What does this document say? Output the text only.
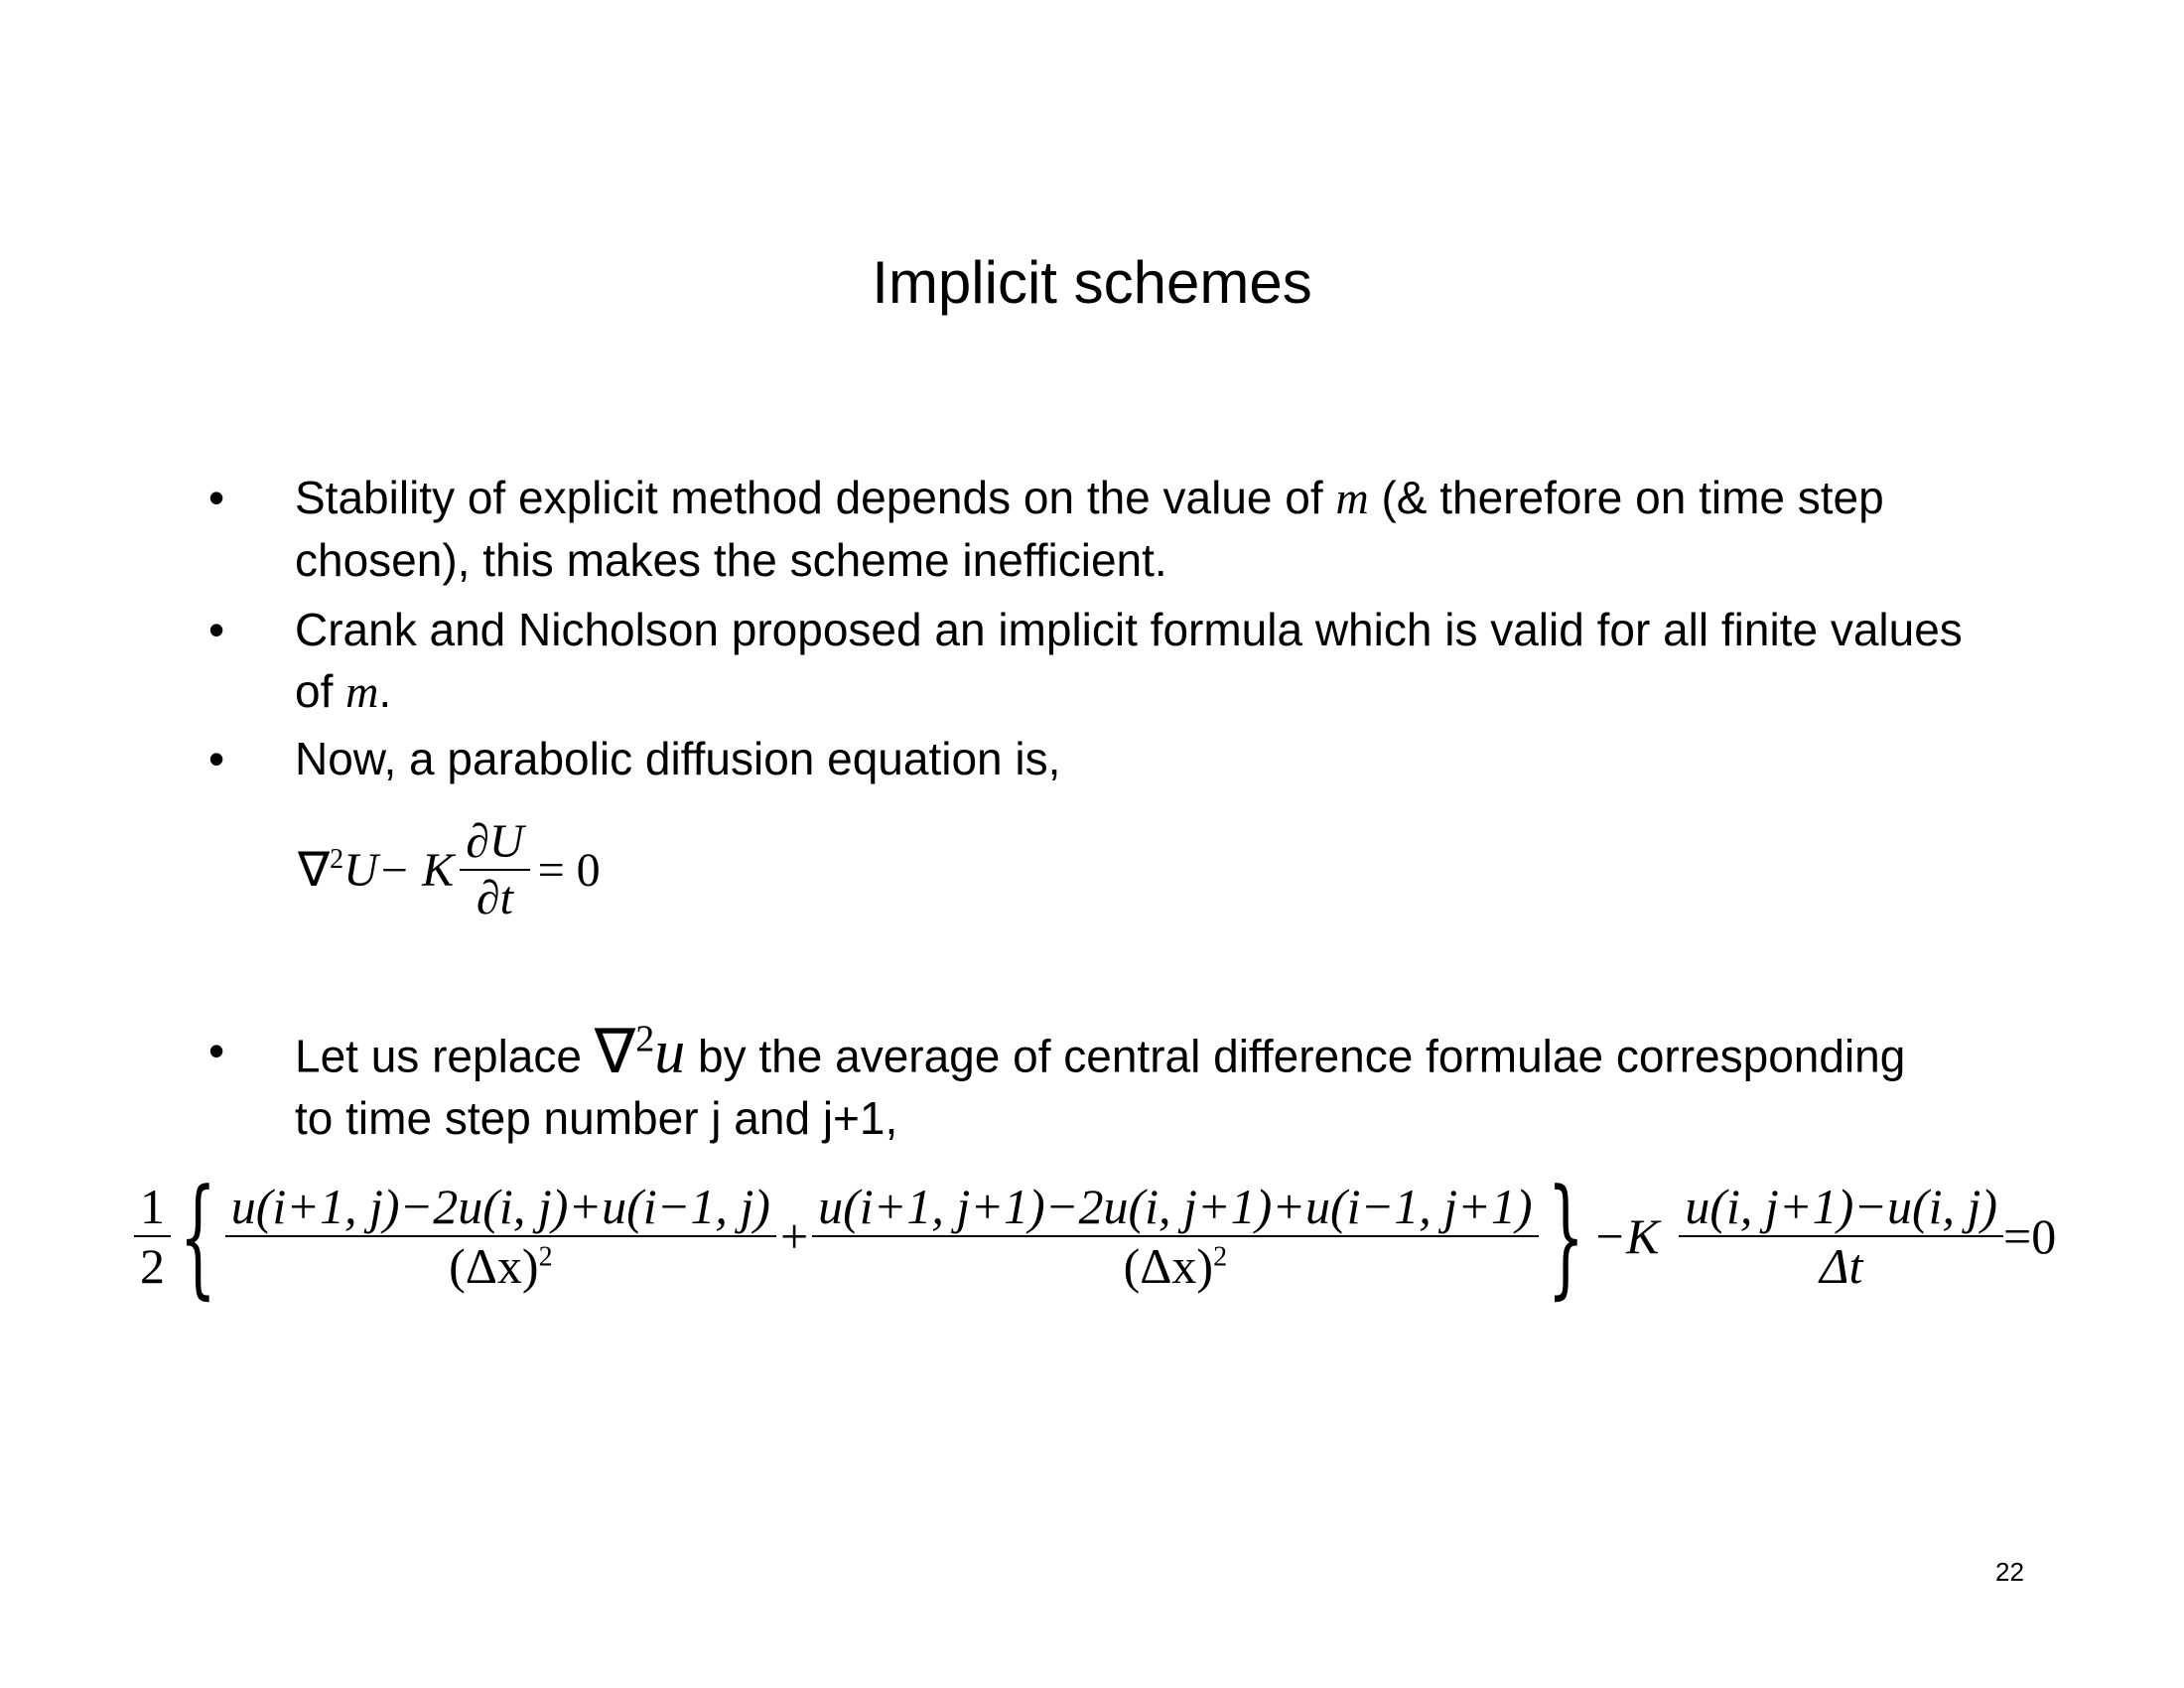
Implicit schemes
•	Stability of explicit method depends on the value of m (& therefore on time step chosen), this makes the scheme inefficient.
•	Crank and Nicholson proposed an implicit formula which is valid for all finite values of m.
•	Now, a parabolic diffusion equation is,
∇ 2 U − K $\frac{\partial U}{\partial t} = 0$
•	Let us replace ∇$^2$u by the average of central difference formulae corresponding to time step number j and j+1,
$\frac{1}{2}$ { $\frac{u(i+1, j)-2u(i, j)+u(i-1, j)}{(\Delta x)^2} + \frac{u(i+1, j+1)-2u(i, j+1)+u(i-1, j+1)}{(\Delta x)^2}$ } $-K \frac{u(i, j+1)-u(i, j)}{\Delta t} =0$
22
